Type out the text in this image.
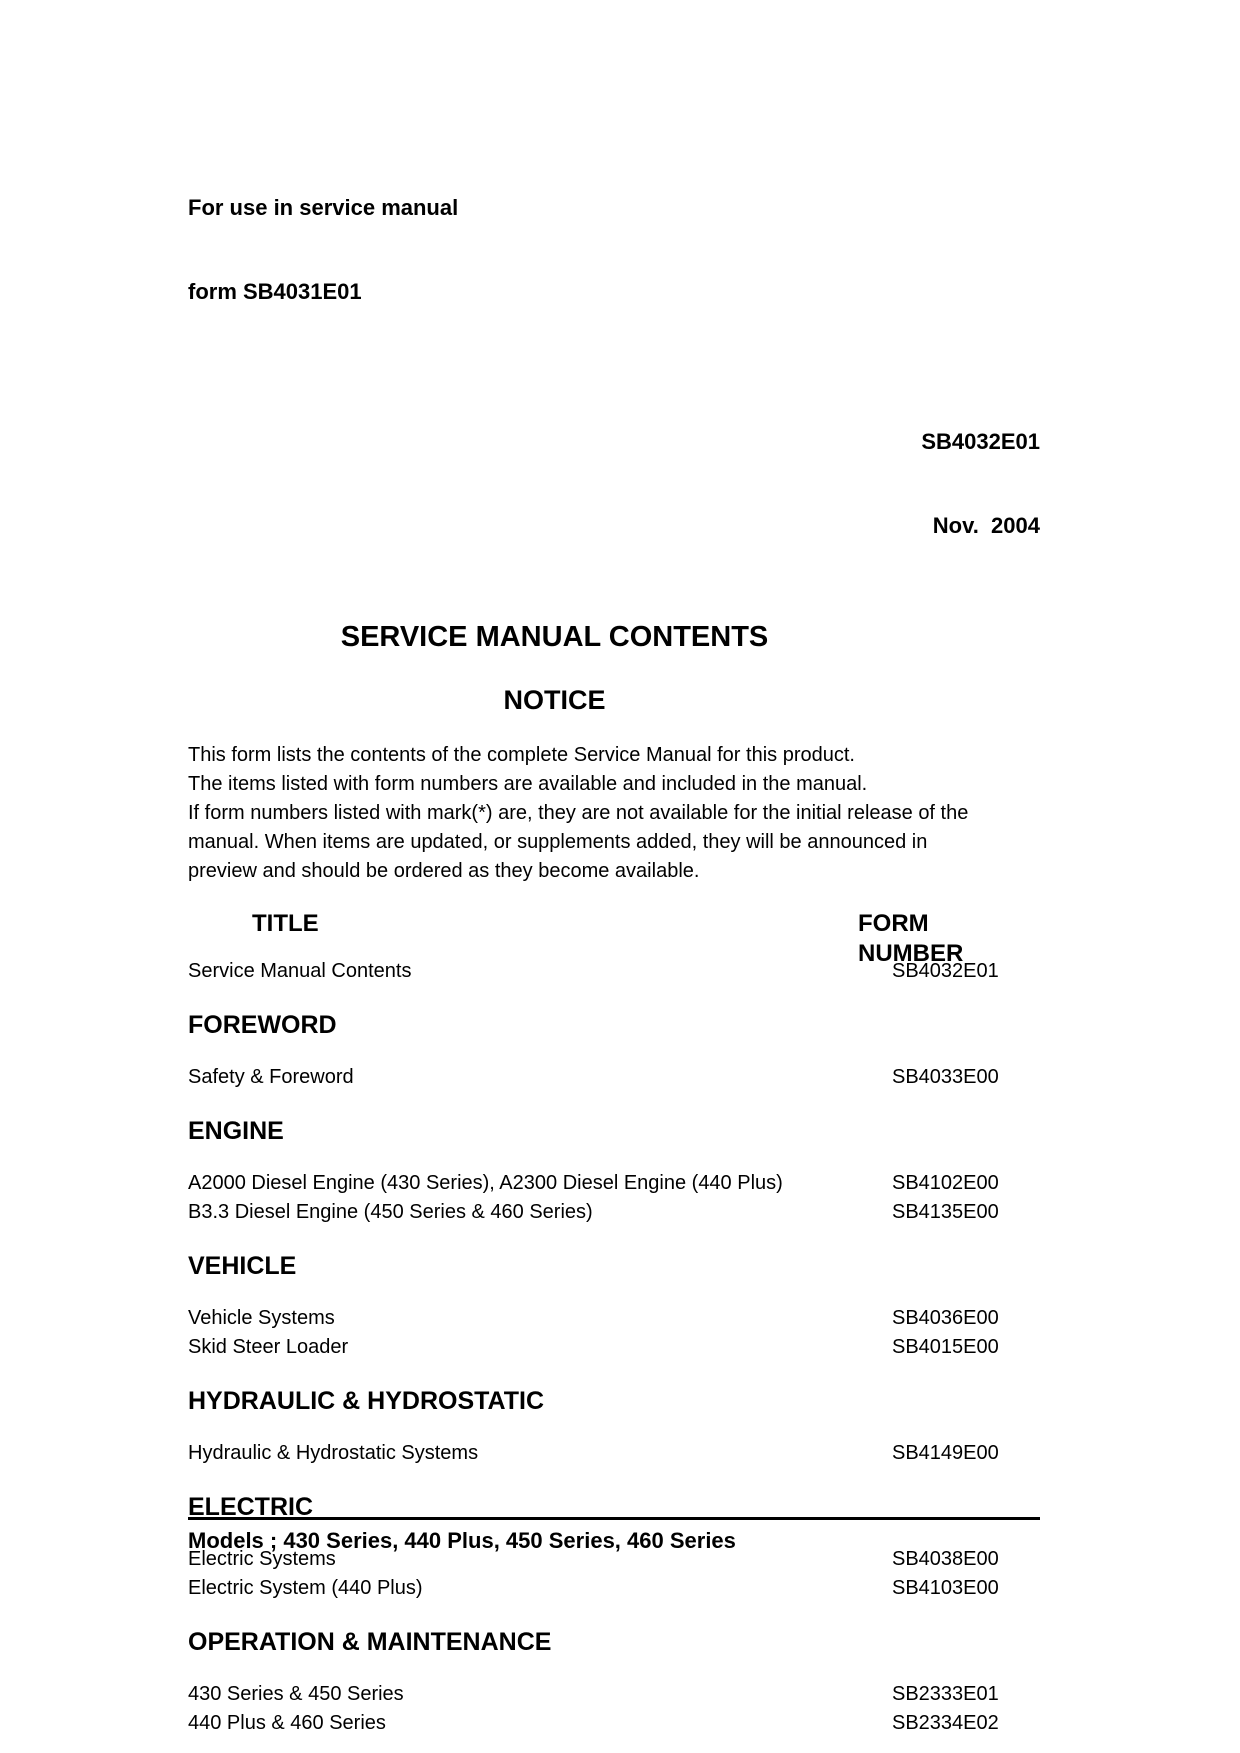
For use in service manual

form SB4031E01

SB4032E01

Nov.  2004

SERVICE MANUAL CONTENTS
NOTICE
This form lists the contents of the complete Service Manual for this product.
The items listed with form numbers are available and included in the manual.
If form numbers listed with mark(*) are, they are not available for the initial release of the
manual. When items are updated, or supplements added, they will be announced in
preview and should be ordered as they become available.
TITLE	FORM NUMBER
Service Manual Contents	SB4032E01
FOREWORD
Safety & Foreword	SB4033E00
ENGINE
A2000 Diesel Engine (430 Series), A2300 Diesel Engine (440 Plus)	SB4102E00
B3.3 Diesel Engine (450 Series & 460 Series)	SB4135E00
VEHICLE
Vehicle Systems	SB4036E00
Skid Steer Loader	SB4015E00
HYDRAULIC & HYDROSTATIC
Hydraulic & Hydrostatic Systems	SB4149E00
ELECTRIC
Electric Systems	SB4038E00
Electric System (440 Plus)	SB4103E00
OPERATION & MAINTENANCE
430 Series & 450 Series	SB2333E01
440 Plus & 460 Series	SB2334E02
Models ; 430 Series, 440 Plus, 450 Series, 460 Series
